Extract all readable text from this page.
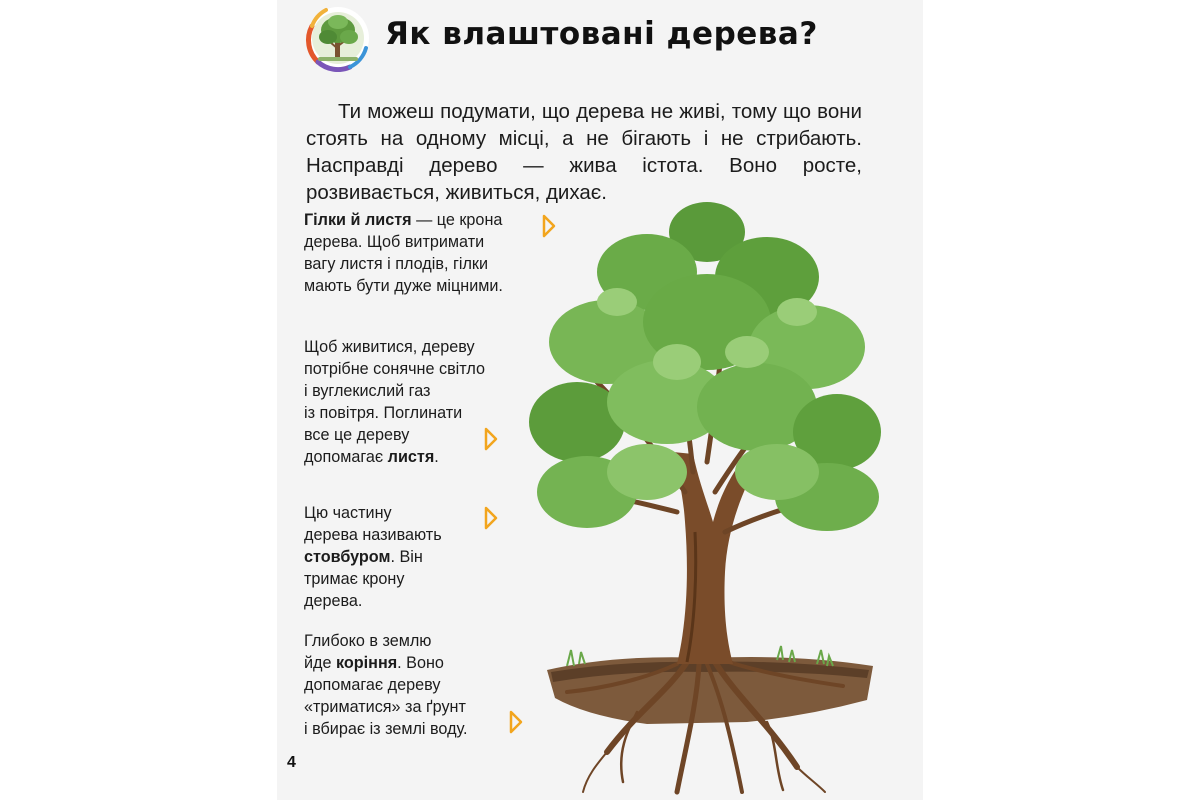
Як влаштовані дерева?

Ти можеш подумати, що дерева не живі, тому що вони стоять на одному місці, а не бігають і не стрибають. Насправді дерево — жива істота. Воно росте, розвивається, живиться, дихає.

Гілки й листя — це крона
дерева. Щоб витримати
вагу листя і плодів, гілки
мають бути дуже міцними.

Щоб живитися, дереву
потрібне сонячне світло
і вуглекислий газ
із повітря. Поглинати
все це дереву
допомагає листя.

Цю частину
дерева називають
стовбуром. Він
тримає крону
дерева.

Глибоко в землю
йде коріння. Воно
допомагає дереву
«триматися» за ґрунт
і вбирає із землі воду.

4
